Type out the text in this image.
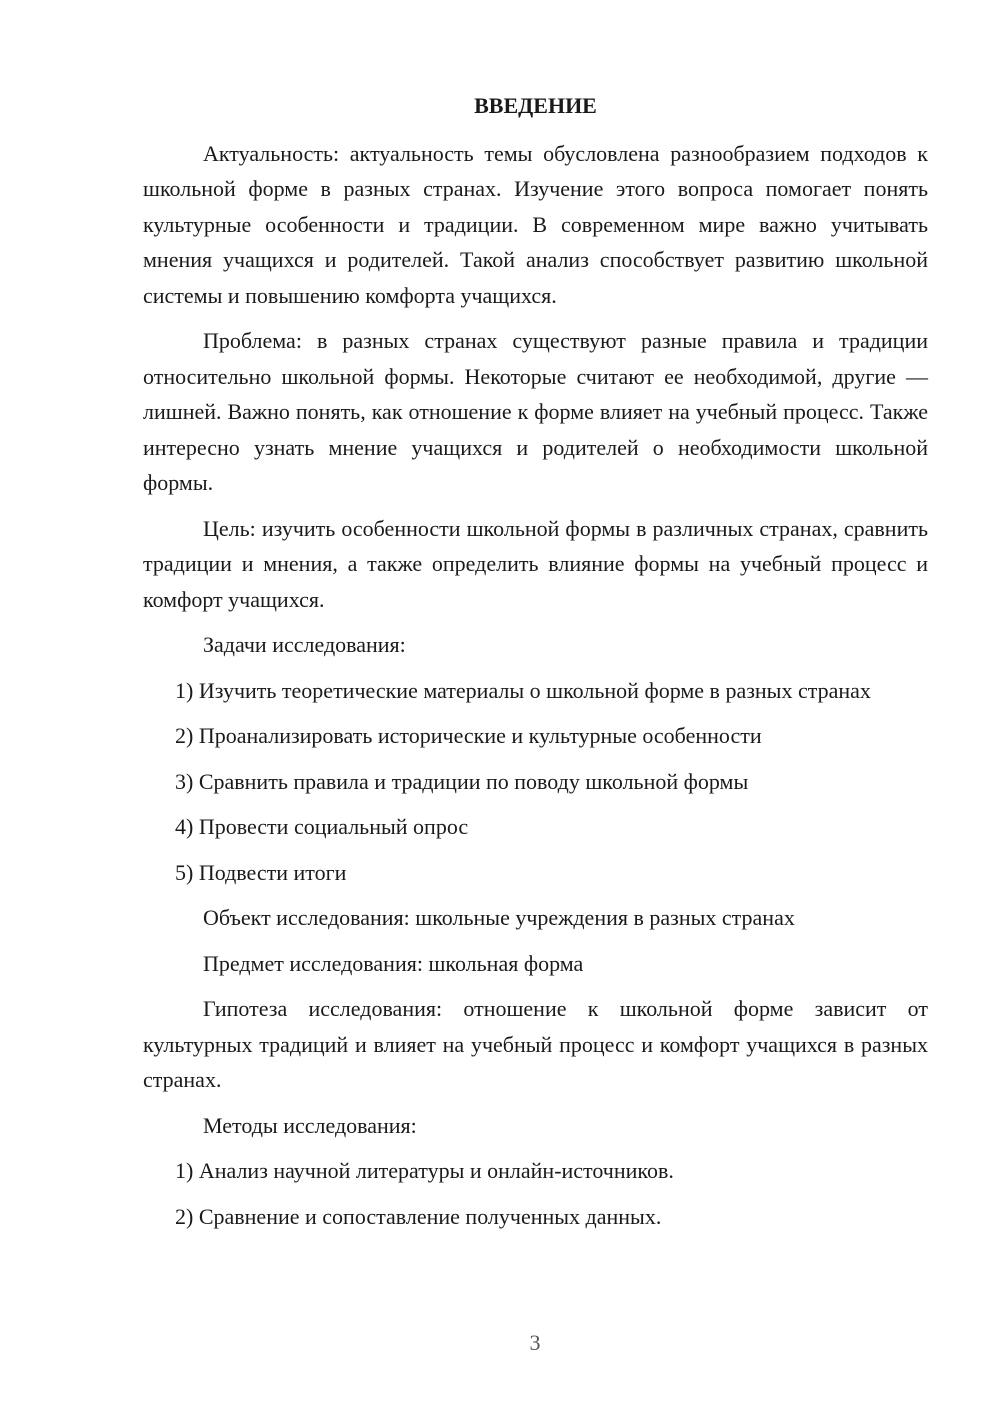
ВВЕДЕНИЕ

Актуальность: актуальность темы обусловлена разнообразием подходов к школьной форме в разных странах. Изучение этого вопроса помогает понять культурные особенности и традиции. В современном мире важно учитывать мнения учащихся и родителей. Такой анализ способствует развитию школьной системы и повышению комфорта учащихся.

Проблема: в разных странах существуют разные правила и традиции относительно школьной формы. Некоторые считают ее необходимой, другие — лишней. Важно понять, как отношение к форме влияет на учебный процесс. Также интересно узнать мнение учащихся и родителей о необходимости школьной формы.

Цель: изучить особенности школьной формы в различных странах, сравнить традиции и мнения, а также определить влияние формы на учебный процесс и комфорт учащихся.

Задачи исследования:

1) Изучить теоретические материалы о школьной форме в разных странах

2) Проанализировать исторические и культурные особенности

3) Сравнить правила и традиции по поводу школьной формы

4) Провести социальный опрос

5) Подвести итоги

Объект исследования: школьные учреждения в разных странах

Предмет исследования: школьная форма

Гипотеза исследования: отношение к школьной форме зависит от культурных традиций и влияет на учебный процесс и комфорт учащихся в разных странах.

Методы исследования:

1) Анализ научной литературы и онлайн-источников.

2) Сравнение и сопоставление полученных данных.

3
